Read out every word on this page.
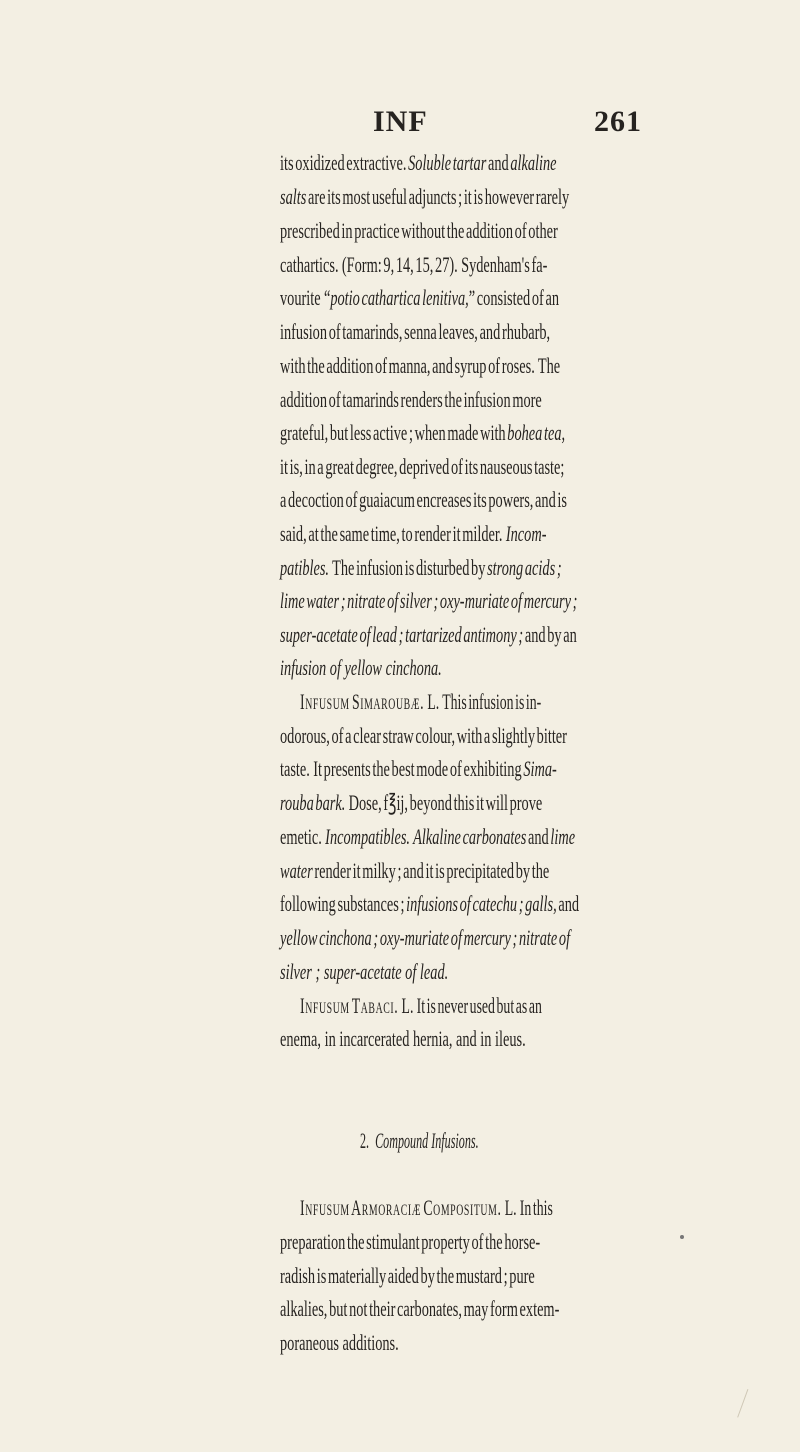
INF	261
its oxidized extractive. Soluble tartar and alkaline
salts are its most useful adjuncts ; it is however rarely
prescribed in practice without the addition of other
cathartics.  (Form: 9, 14, 15, 27).  Sydenham's fa-
vourite  “potio cathartica lenitiva,” consisted of an
infusion of tamarinds, senna leaves, and rhubarb,
with the addition of manna, and syrup of roses.  The
addition of tamarinds renders the infusion more
grateful, but less active ; when made with bohea tea,
it is, in a great degree, deprived of its nauseous taste;
a decoction of guaiacum encreases its powers, and is
said, at the same time, to render it milder.  Incom-
patibles.  The infusion is disturbed by strong acids ;
lime water ; nitrate of silver ; oxy-muriate of mercury ;
super-acetate of lead ; tartarized antimony ; and by an
infusion of yellow cinchona.
Infusum Simaroubæ.  L.  This infusion is in-
odorous, of a clear straw colour, with a slightly bitter
taste.  It presents the best mode of exhibiting Sima-
rouba bark.  Dose, f℥ij, beyond this it will prove
emetic.  Incompatibles.  Alkaline carbonates and lime
water render it milky ; and it is precipitated by the
following substances ; infusions of catechu ; galls, and
yellow cinchona ; oxy-muriate of mercury ; nitrate of
silver ; super-acetate of lead.
Infusum Tabaci.  L.  It is never used but as an
enema, in incarcerated hernia, and in ileus.
2.  Compound Infusions.
Infusum Armoraciæ Compositum.  L.  In this
preparation the stimulant property of the horse-
radish is materially aided by the mustard ; pure
alkalies, but not their carbonates, may form extem-
poraneous additions.
